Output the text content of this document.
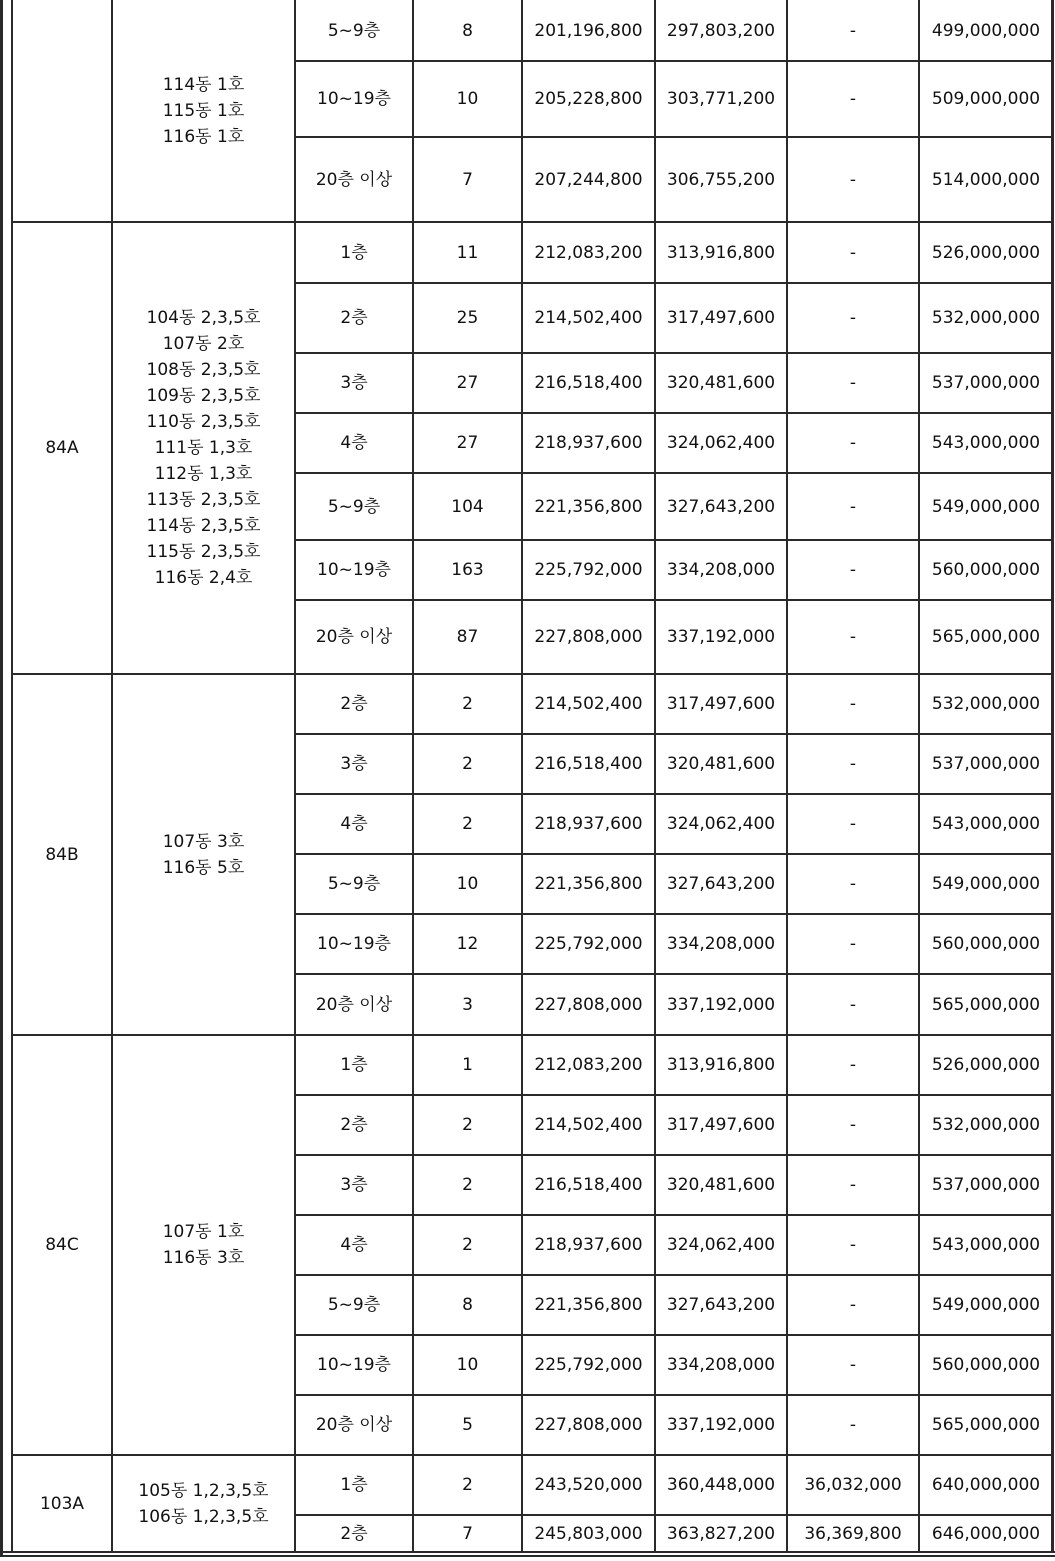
114동 1호
115동 1호
116동 1호
5~9층	8	201,196,800	297,803,200	-	499,000,000
10~19층	10	205,228,800	303,771,200	-	509,000,000
20층 이상	7	207,244,800	306,755,200	-	514,000,000
84A
104동 2,3,5호
107동 2호
108동 2,3,5호
109동 2,3,5호
110동 2,3,5호
111동 1,3호
112동 1,3호
113동 2,3,5호
114동 2,3,5호
115동 2,3,5호
116동 2,4호
1층	11	212,083,200	313,916,800	-	526,000,000
2층	25	214,502,400	317,497,600	-	532,000,000
3층	27	216,518,400	320,481,600	-	537,000,000
4층	27	218,937,600	324,062,400	-	543,000,000
5~9층	104	221,356,800	327,643,200	-	549,000,000
10~19층	163	225,792,000	334,208,000	-	560,000,000
20층 이상	87	227,808,000	337,192,000	-	565,000,000
84B
107동 3호
116동 5호
2층	2	214,502,400	317,497,600	-	532,000,000
3층	2	216,518,400	320,481,600	-	537,000,000
4층	2	218,937,600	324,062,400	-	543,000,000
5~9층	10	221,356,800	327,643,200	-	549,000,000
10~19층	12	225,792,000	334,208,000	-	560,000,000
20층 이상	3	227,808,000	337,192,000	-	565,000,000
84C
107동 1호
116동 3호
1층	1	212,083,200	313,916,800	-	526,000,000
2층	2	214,502,400	317,497,600	-	532,000,000
3층	2	216,518,400	320,481,600	-	537,000,000
4층	2	218,937,600	324,062,400	-	543,000,000
5~9층	8	221,356,800	327,643,200	-	549,000,000
10~19층	10	225,792,000	334,208,000	-	560,000,000
20층 이상	5	227,808,000	337,192,000	-	565,000,000
103A
105동 1,2,3,5호
106동 1,2,3,5호
1층	2	243,520,000	360,448,000	36,032,000	640,000,000
2층	7	245,803,000	363,827,200	36,369,800	646,000,000
